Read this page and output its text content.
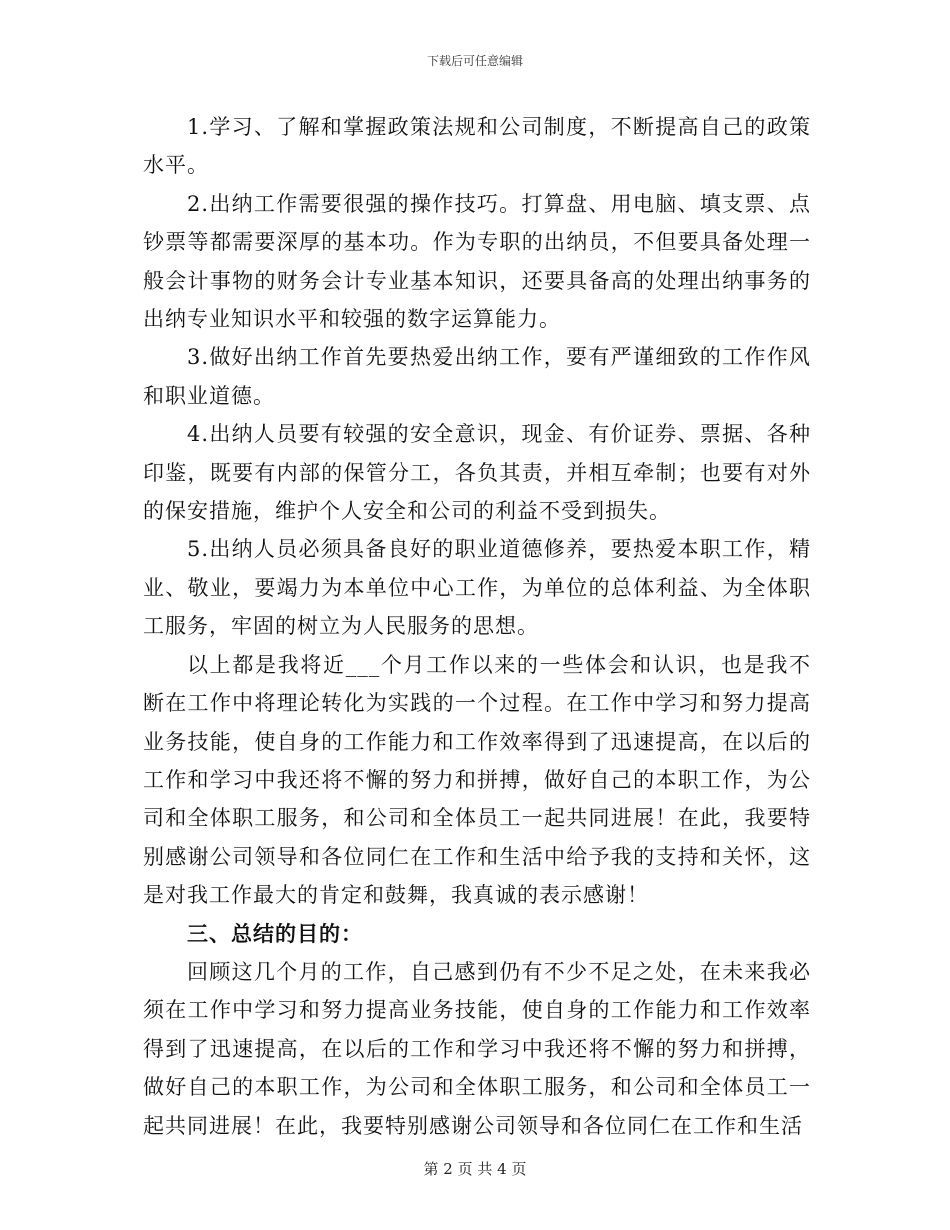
下载后可任意编辑

1.学习、了解和掌握政策法规和公司制度，不断提高自己的政策水平。

2.出纳工作需要很强的操作技巧。打算盘、用电脑、填支票、点钞票等都需要深厚的基本功。作为专职的出纳员，不但要具备处理一般会计事物的财务会计专业基本知识，还要具备高的处理出纳事务的出纳专业知识水平和较强的数字运算能力。

3.做好出纳工作首先要热爱出纳工作，要有严谨细致的工作作风和职业道德。

4.出纳人员要有较强的安全意识，现金、有价证券、票据、各种印鉴，既要有内部的保管分工，各负其责，并相互牵制；也要有对外的保安措施，维护个人安全和公司的利益不受到损失。

5.出纳人员必须具备良好的职业道德修养，要热爱本职工作，精业、敬业，要竭力为本单位中心工作，为单位的总体利益、为全体职工服务，牢固的树立为人民服务的思想。

以上都是我将近___个月工作以来的一些体会和认识，也是我不断在工作中将理论转化为实践的一个过程。在工作中学习和努力提高业务技能，使自身的工作能力和工作效率得到了迅速提高，在以后的工作和学习中我还将不懈的努力和拼搏，做好自己的本职工作，为公司和全体职工服务，和公司和全体员工一起共同进展！在此，我要特别感谢公司领导和各位同仁在工作和生活中给予我的支持和关怀，这是对我工作最大的肯定和鼓舞，我真诚的表示感谢！

三、总结的目的：

回顾这几个月的工作，自己感到仍有不少不足之处，在未来我必须在工作中学习和努力提高业务技能，使自身的工作能力和工作效率得到了迅速提高，在以后的工作和学习中我还将不懈的努力和拼搏，做好自己的本职工作，为公司和全体职工服务，和公司和全体员工一起共同进展！在此，我要特别感谢公司领导和各位同仁在工作和生活

第 2 页 共 4 页
